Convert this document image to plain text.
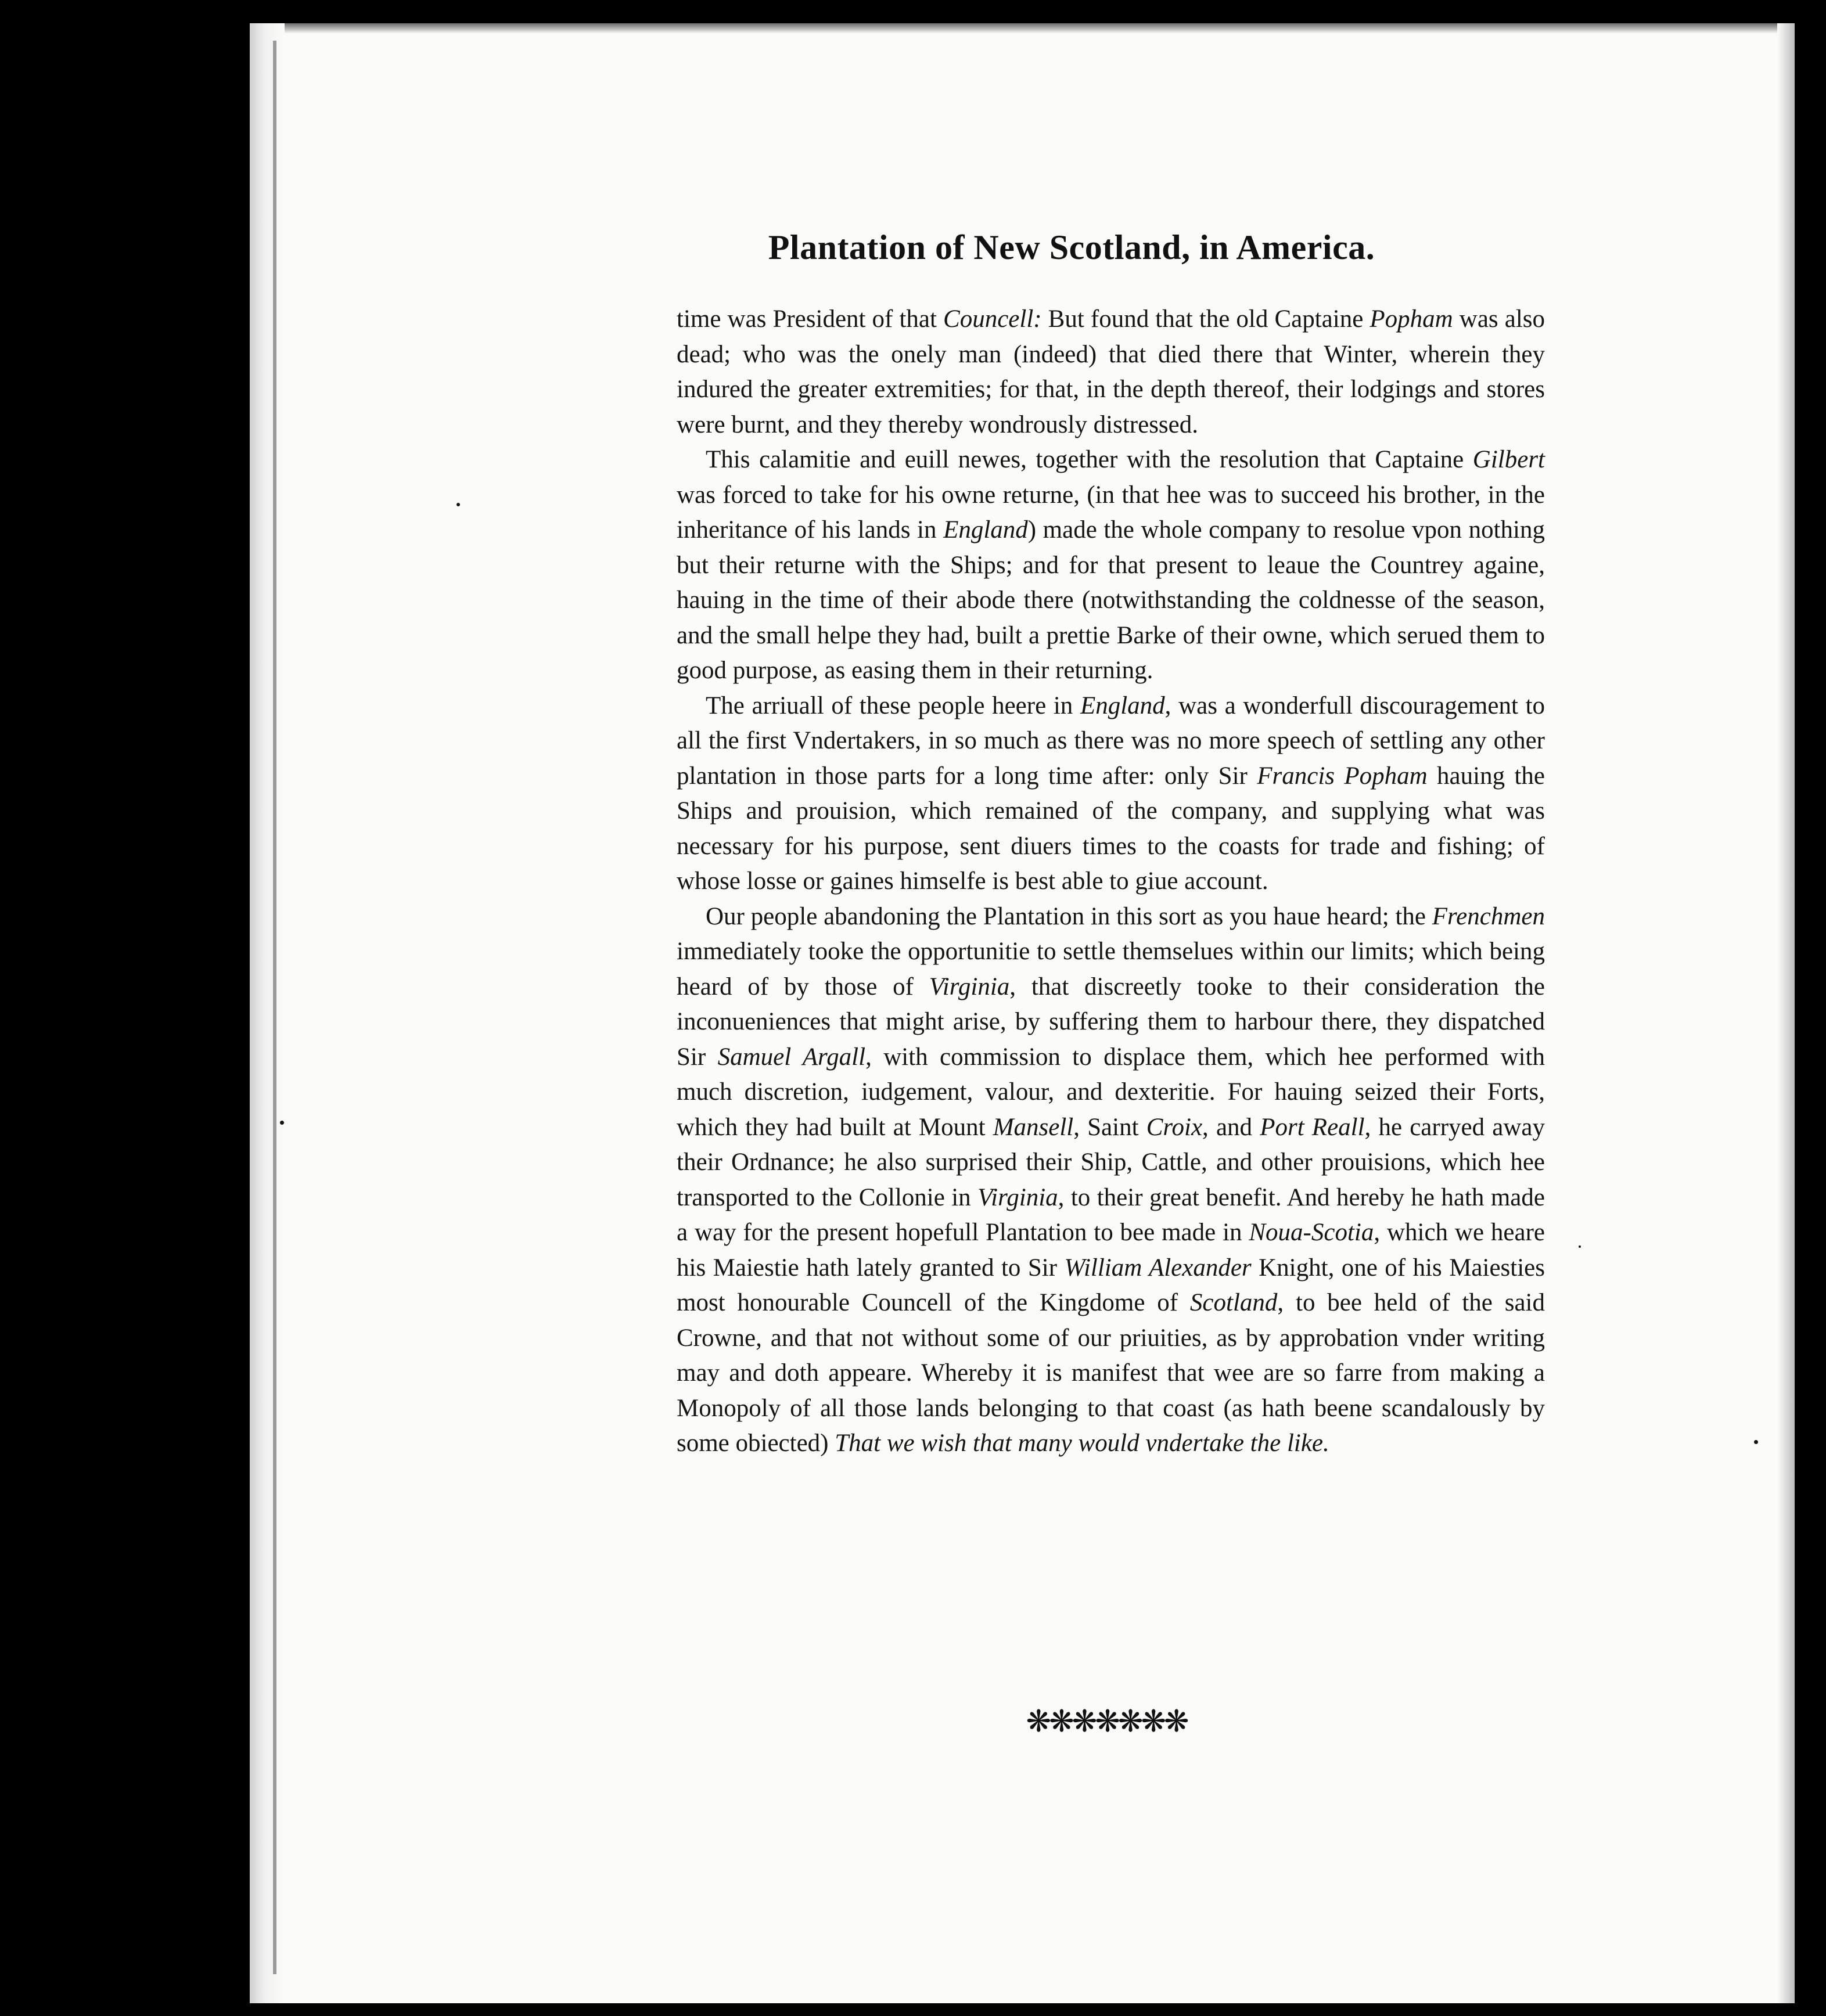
Plantation of New Scotland, in America.

time was President of that Councell: But found that the old Captaine Popham was also dead; who was the onely man (indeed) that died there that Winter, wherein they indured the greater extremities; for that, in the depth thereof, their lodgings and stores were burnt, and they thereby wondrously distressed.

This calamitie and euill newes, together with the resolution that Captaine Gilbert was forced to take for his owne returne, (in that hee was to succeed his brother, in the inheritance of his lands in England) made the whole company to resolue vpon nothing but their returne with the Ships; and for that present to leaue the Countrey againe, hauing in the time of their abode there (notwithstanding the coldnesse of the season, and the small helpe they had, built a prettie Barke of their owne, which serued them to good purpose, as easing them in their returning.

The arriuall of these people heere in England, was a wonderfull discouragement to all the first Vndertakers, in so much as there was no more speech of settling any other plantation in those parts for a long time after: only Sir Francis Popham hauing the Ships and prouision, which remained of the company, and supplying what was necessary for his purpose, sent diuers times to the coasts for trade and fishing; of whose losse or gaines himselfe is best able to giue account.

Our people abandoning the Plantation in this sort as you haue heard; the Frenchmen immediately tooke the opportunitie to settle themselues within our limits; which being heard of by those of Virginia, that discreetly tooke to their consideration the inconueniences that might arise, by suffering them to harbour there, they dispatched Sir Samuel Argall, with commission to displace them, which hee performed with much discretion, iudgement, valour, and dexteritie. For hauing seized their Forts, which they had built at Mount Mansell, Saint Croix, and Port Reall, he carryed away their Ordnance; he also surprised their Ship, Cattle, and other prouisions, which hee transported to the Collonie in Virginia, to their great benefit. And hereby he hath made a way for the present hopefull Plantation to bee made in Noua-Scotia, which we heare his Maiestie hath lately granted to Sir William Alexander Knight, one of his Maiesties most honourable Councell of the Kingdome of Scotland, to bee held of the said Crowne, and that not without some of our priuities, as by approbation vnder writing may and doth appeare. Whereby it is manifest that wee are so farre from making a Monopoly of all those lands belonging to that coast (as hath beene scandalously by some obiected) That we wish that many would vndertake the like.

❋❋❋❋❋❋❋
